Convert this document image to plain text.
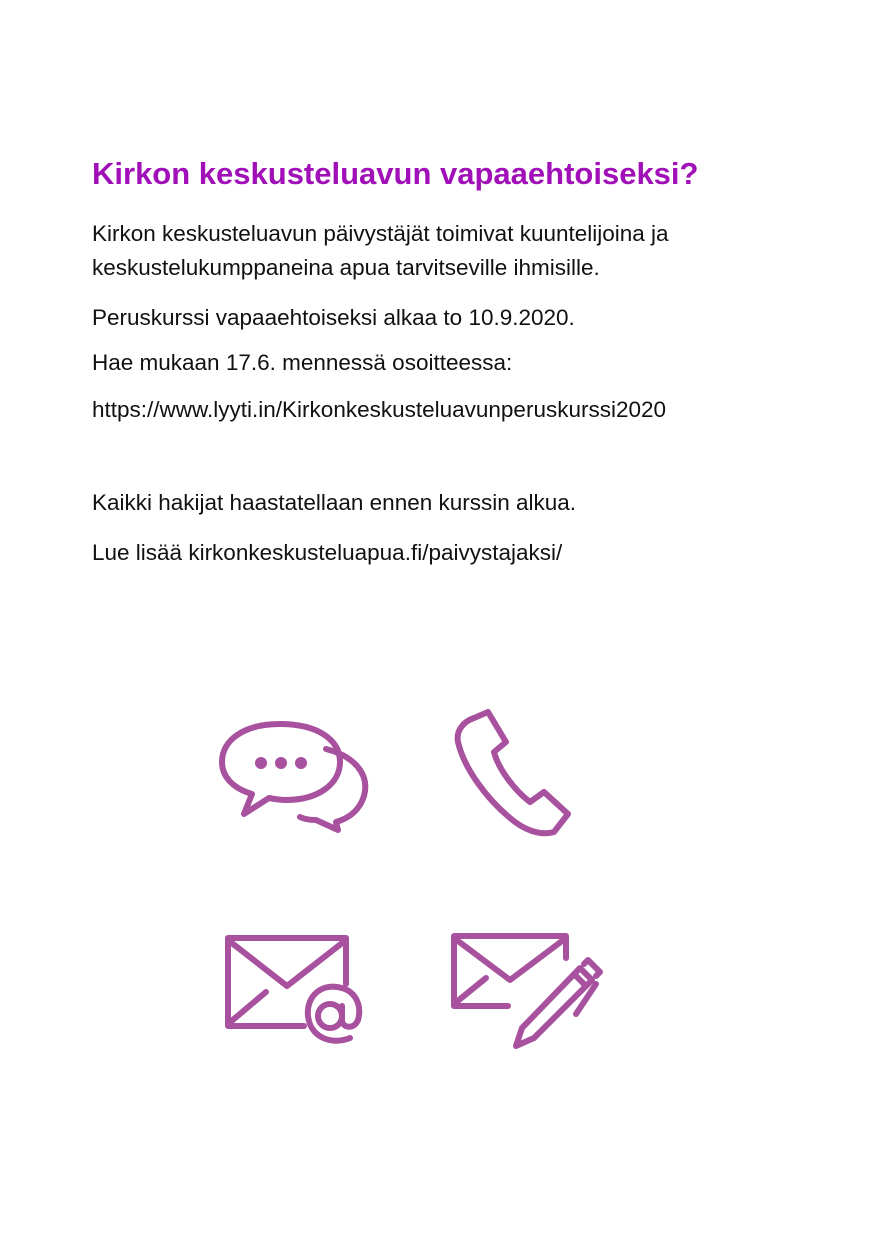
Kirkon keskusteluavun vapaaehtoiseksi?

Kirkon keskusteluavun päivystäjät toimivat kuuntelijoina ja
keskustelukumppaneina apua tarvitseville ihmisille.

Peruskurssi vapaaehtoiseksi alkaa to 10.9.2020.

Hae mukaan 17.6. mennessä osoitteessa:

https://www.lyyti.in/Kirkonkeskusteluavunperuskurssi2020

Kaikki hakijat haastatellaan ennen kurssin alkua.

Lue lisää kirkonkeskusteluapua.fi/paivystajaksi/
